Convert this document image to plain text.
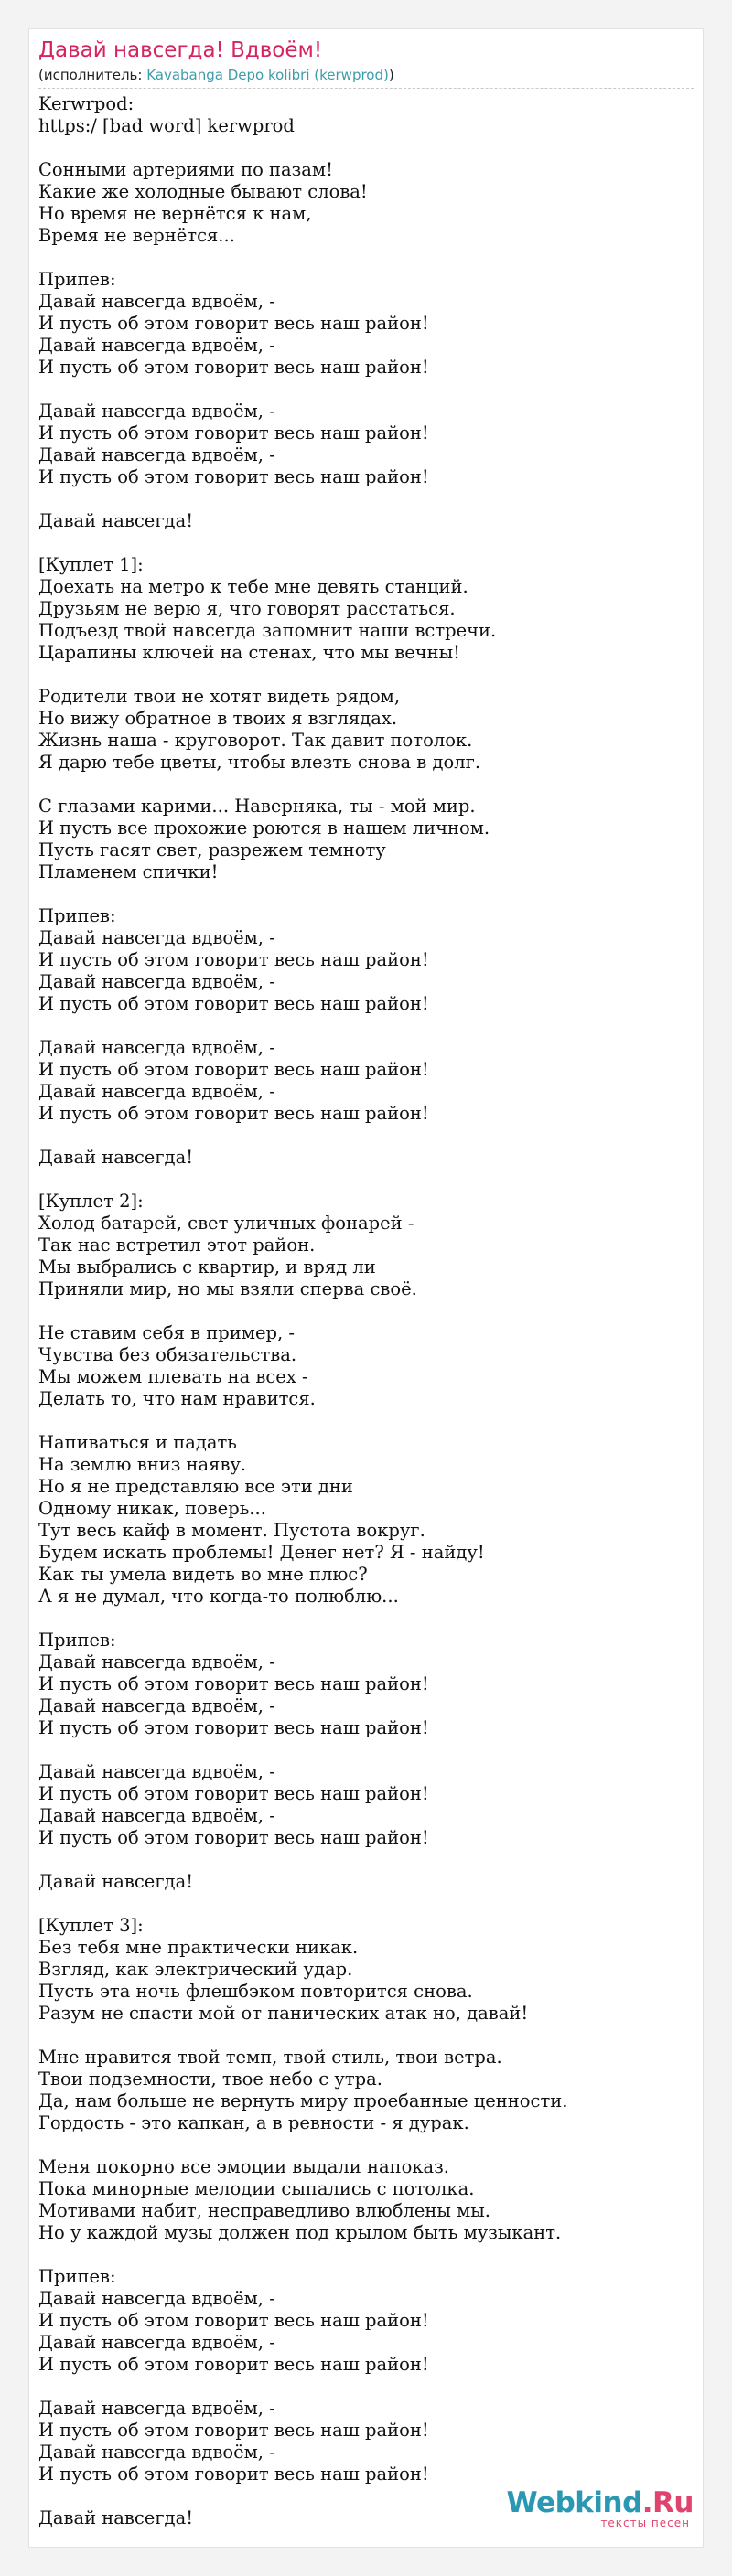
Давай навсегда! Вдвоём!
(исполнитель: Kavabanga Depo kolibri (kerwprod))
Kerwrpod:
https:/ [bad word] kerwprod
Сонными артериями по пазам!
Какие же холодные бывают слова!
Но время не вернётся к нам,
Время не вернётся...
Припев:
Давай навсегда вдвоём, -
И пусть об этом говорит весь наш район!
Давай навсегда вдвоём, -
И пусть об этом говорит весь наш район!
Давай навсегда вдвоём, -
И пусть об этом говорит весь наш район!
Давай навсегда вдвоём, -
И пусть об этом говорит весь наш район!
Давай навсегда!
[Куплет 1]:
Доехать на метро к тебе мне девять станций.
Друзьям не верю я, что говорят расстаться.
Подъезд твой навсегда запомнит наши встречи.
Царапины ключей на стенах, что мы вечны!
Родители твои не хотят видеть рядом,
Но вижу обратное в твоих я взглядах.
Жизнь наша - круговорот. Так давит потолок.
Я дарю тебе цветы, чтобы влезть снова в долг.
С глазами карими... Наверняка, ты - мой мир.
И пусть все прохожие роются в нашем личном.
Пусть гасят свет, разрежем темноту
Пламенем спички!
Припев:
Давай навсегда вдвоём, -
И пусть об этом говорит весь наш район!
Давай навсегда вдвоём, -
И пусть об этом говорит весь наш район!
Давай навсегда вдвоём, -
И пусть об этом говорит весь наш район!
Давай навсегда вдвоём, -
И пусть об этом говорит весь наш район!
Давай навсегда!
[Куплет 2]:
Холод батарей, свет уличных фонарей -
Так нас встретил этот район.
Мы выбрались с квартир, и вряд ли
Приняли мир, но мы взяли сперва своё.
Не ставим себя в пример, -
Чувства без обязательства.
Мы можем плевать на всех -
Делать то, что нам нравится.
Напиваться и падать
На землю вниз наяву.
Но я не представляю все эти дни
Одному никак, поверь...
Тут весь кайф в момент. Пустота вокруг.
Будем искать проблемы! Денег нет? Я - найду!
Как ты умела видеть во мне плюс?
А я не думал, что когда-то полюблю...
Припев:
Давай навсегда вдвоём, -
И пусть об этом говорит весь наш район!
Давай навсегда вдвоём, -
И пусть об этом говорит весь наш район!
Давай навсегда вдвоём, -
И пусть об этом говорит весь наш район!
Давай навсегда вдвоём, -
И пусть об этом говорит весь наш район!
Давай навсегда!
[Куплет 3]:
Без тебя мне практически никак.
Взгляд, как электрический удар.
Пусть эта ночь флешбэком повторится снова.
Разум не спасти мой от панических атак но, давай!
Мне нравится твой темп, твой стиль, твои ветра.
Твои подземности, твое небо с утра.
Да, нам больше не вернуть миру проебанные ценности.
Гордость - это капкан, а в ревности - я дурак.
Меня покорно все эмоции выдали напоказ.
Пока минорные мелодии сыпались с потолка.
Мотивами набит, несправедливо влюблены мы.
Но у каждой музы должен под крылом быть музыкант.
Припев:
Давай навсегда вдвоём, -
И пусть об этом говорит весь наш район!
Давай навсегда вдвоём, -
И пусть об этом говорит весь наш район!
Давай навсегда вдвоём, -
И пусть об этом говорит весь наш район!
Давай навсегда вдвоём, -
И пусть об этом говорит весь наш район!
Давай навсегда!	Webkind.Ru
тексты песен
